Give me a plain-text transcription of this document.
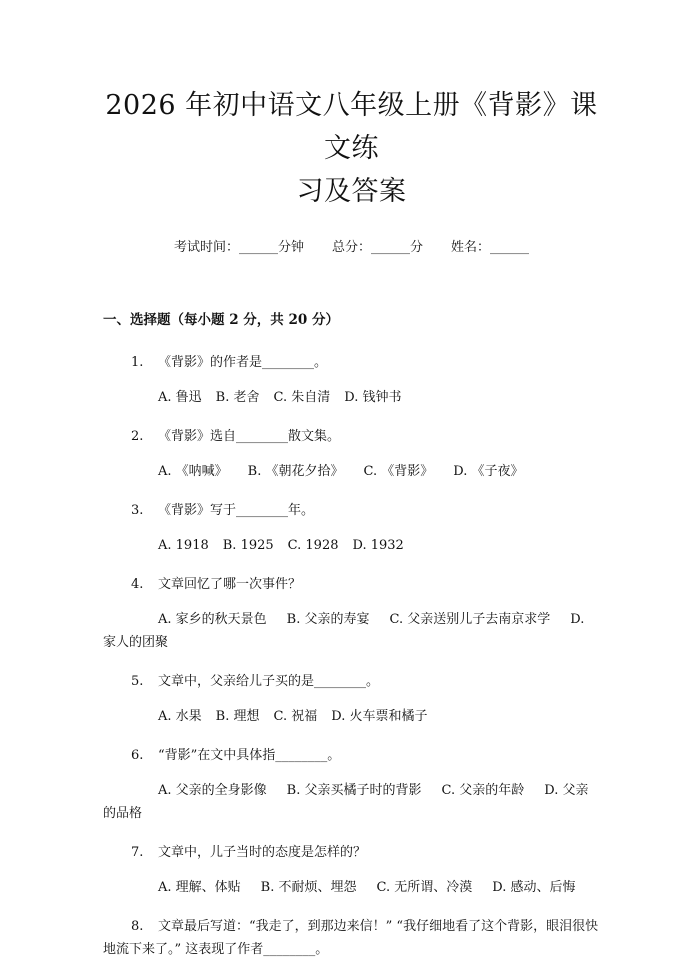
2026 年初中语文八年级上册《背影》课文练
习及答案
考试时间：______分钟 总分：______分 姓名：______
一、选择题（每小题 2 分，共 20 分）
1. 《背影》的作者是________。
A. 鲁迅 B. 老舍 C. 朱自清 D. 钱钟书
2. 《背影》选自________散文集。
A. 《呐喊》 B. 《朝花夕拾》 C. 《背影》 D. 《子夜》
3. 《背影》写于________年。
A. 1918 B. 1925 C. 1928 D. 1932
4. 文章回忆了哪一次事件？
A. 家乡的秋天景色 B. 父亲的寿宴 C. 父亲送别儿子去南京求学 D. 家人的团聚
5. 文章中，父亲给儿子买的是________。
A. 水果 B. 理想 C. 祝福 D. 火车票和橘子
6. “背影”在文中具体指________。
A. 父亲的全身影像 B. 父亲买橘子时的背影 C. 父亲的年龄 D. 父亲的品格
7. 文章中，儿子当时的态度是怎样的？
A. 理解、体贴 B. 不耐烦、埋怨 C. 无所谓、冷漠 D. 感动、后悔
8. 文章最后写道：“我走了，到那边来信！” “我仔细地看了这个背影，眼泪很快地流下来了。” 这表现了作者________。
